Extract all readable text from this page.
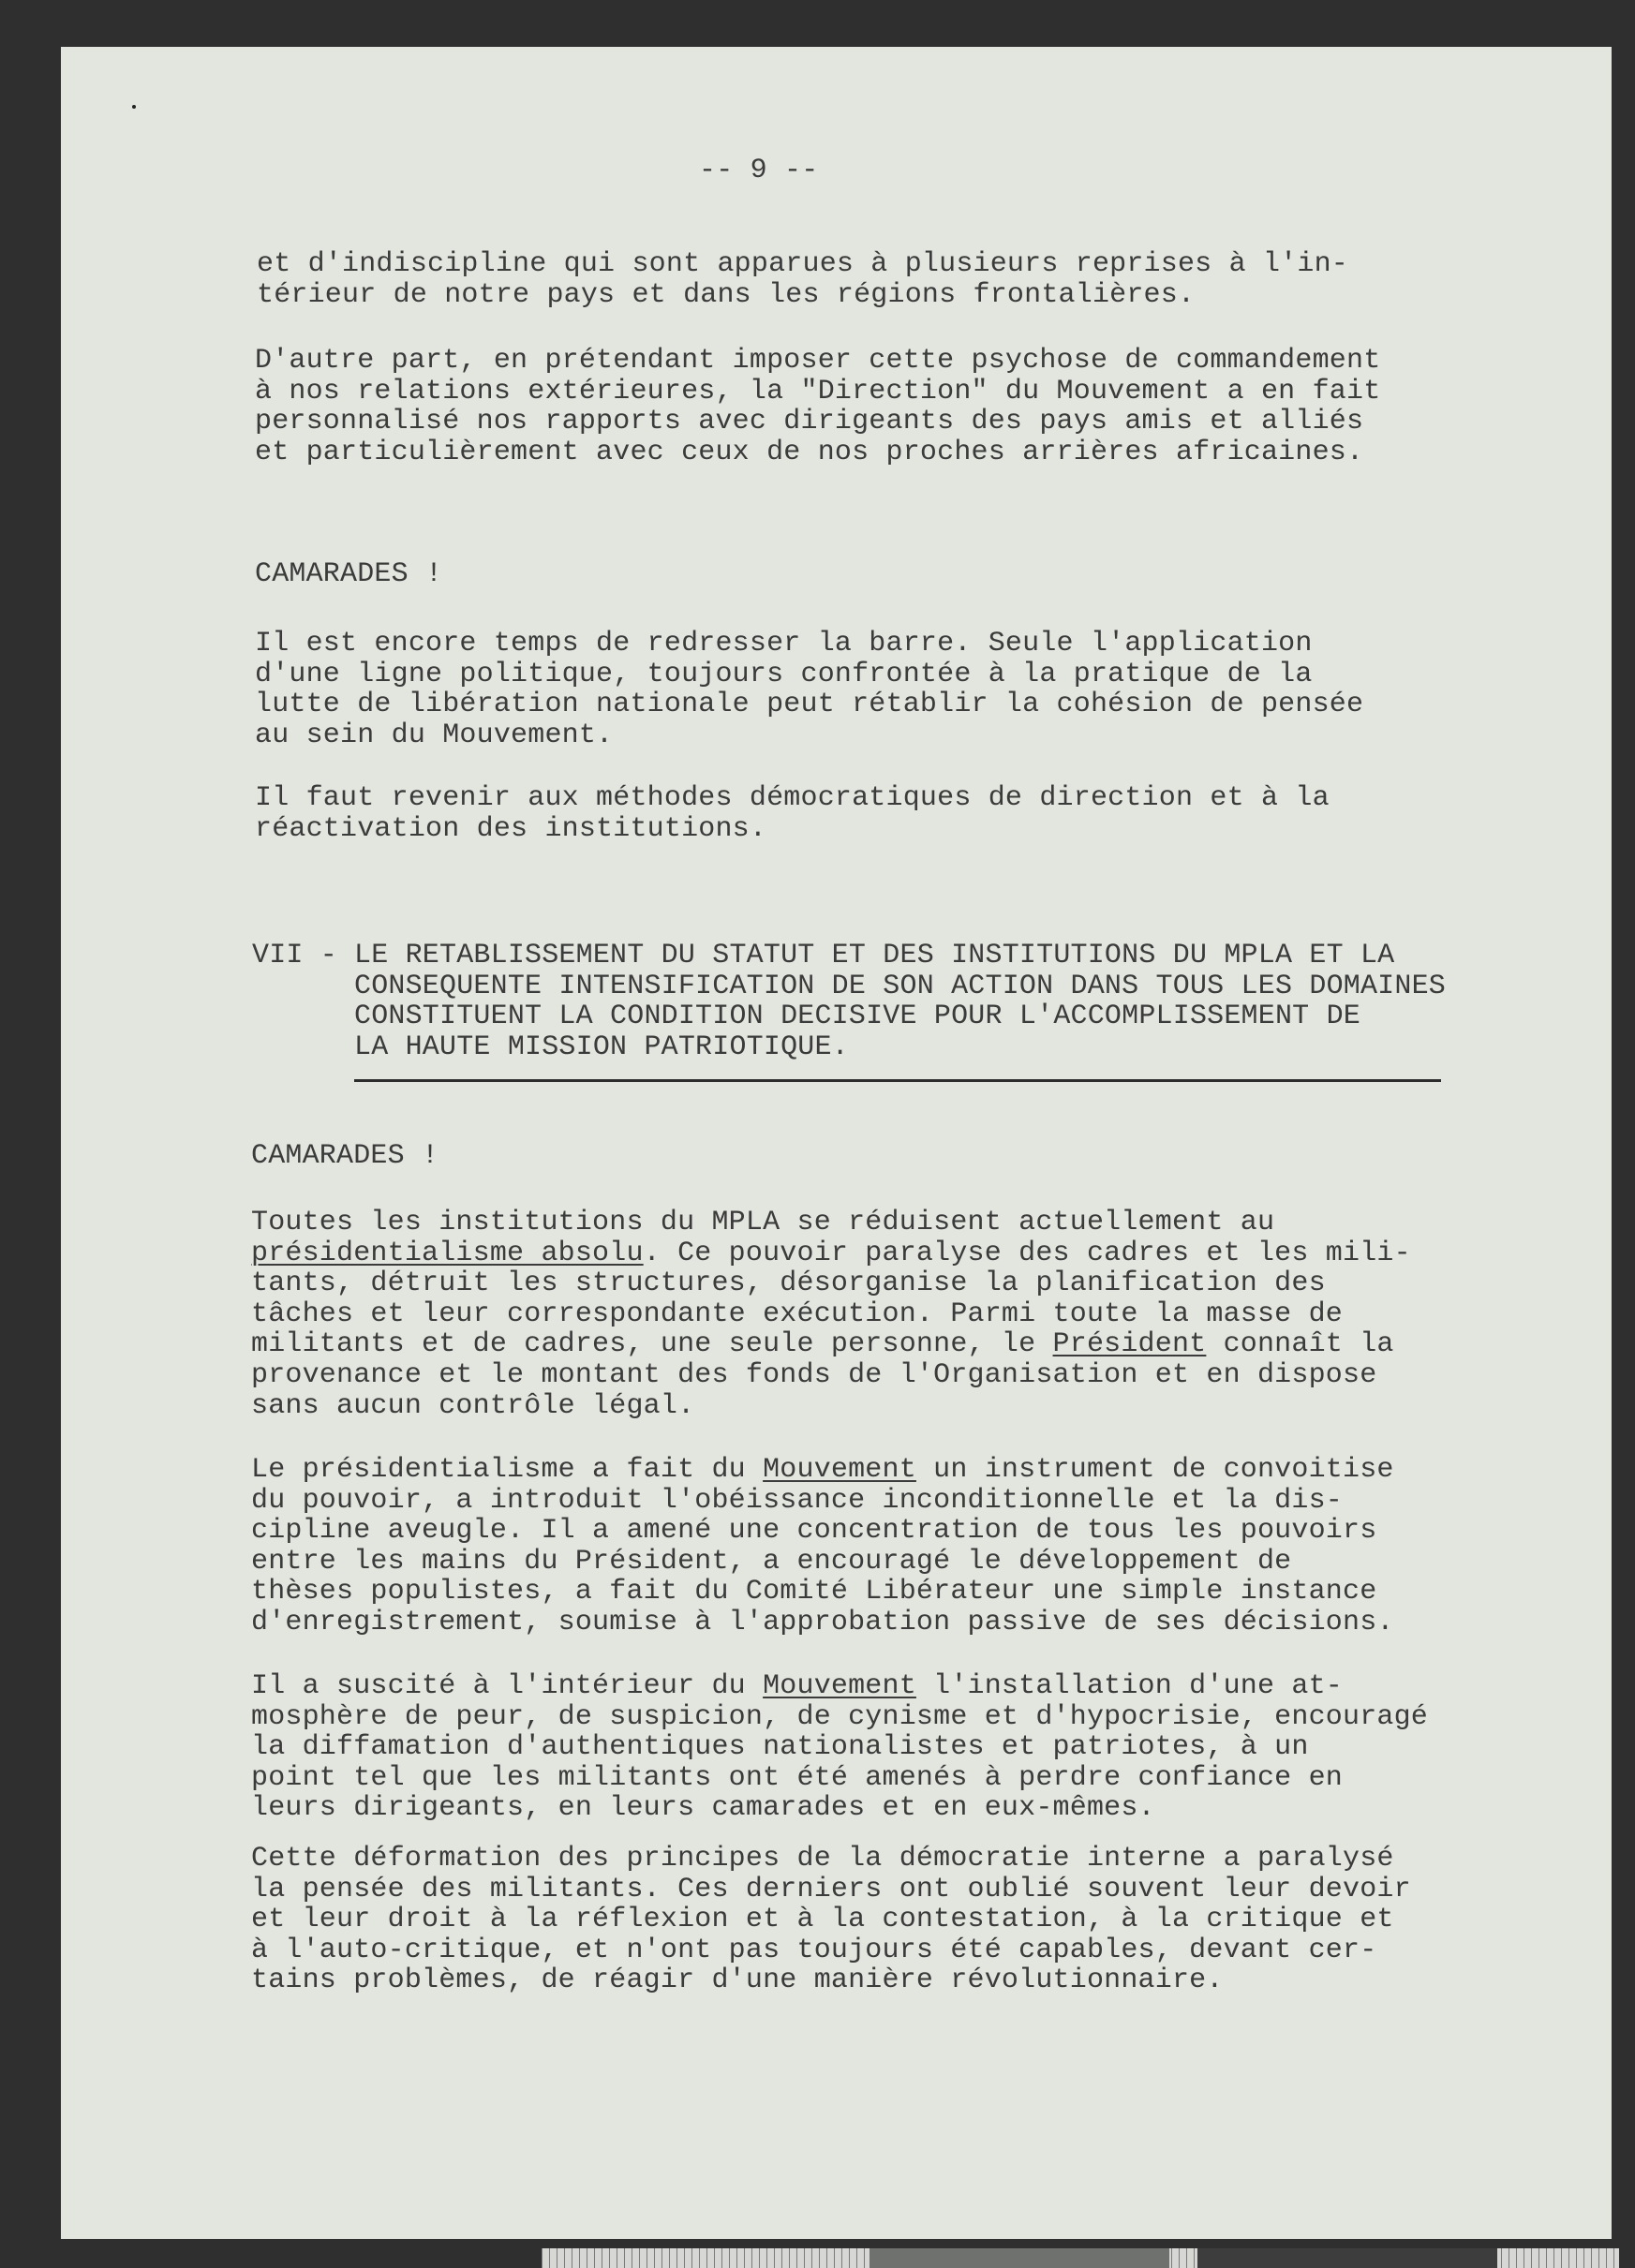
-- 9 --
et d'indiscipline qui sont apparues à plusieurs reprises à l'in-
térieur de notre pays et dans les régions frontalières.
D'autre part, en prétendant imposer cette psychose de commandement
à nos relations extérieures, la "Direction" du Mouvement a en fait
personnalisé nos rapports avec dirigeants des pays amis et alliés
et particulièrement avec ceux de nos proches arrières africaines.
CAMARADES !
Il est encore temps de redresser la barre. Seule l'application
d'une ligne politique, toujours confrontée à la pratique de la
lutte de libération nationale peut rétablir la cohésion de pensée
au sein du Mouvement.
Il faut revenir aux méthodes démocratiques de direction et à la
réactivation des institutions.
VII - LE RETABLISSEMENT DU STATUT ET DES INSTITUTIONS DU MPLA ET LA
CONSEQUENTE INTENSIFICATION DE SON ACTION DANS TOUS LES DOMAINES
CONSTITUENT LA CONDITION DECISIVE POUR L'ACCOMPLISSEMENT DE
LA HAUTE MISSION PATRIOTIQUE.
CAMARADES !
Toutes les institutions du MPLA se réduisent actuellement au
présidentialisme absolu. Ce pouvoir paralyse des cadres et les mili-
tants, détruit les structures, désorganise la planification des
tâches et leur correspondante exécution. Parmi toute la masse de
militants et de cadres, une seule personne, le Président connaît la
provenance et le montant des fonds de l'Organisation et en dispose
sans aucun contrôle légal.
Le présidentialisme a fait du Mouvement un instrument de convoitise
du pouvoir, a introduit l'obéissance inconditionnelle et la dis-
cipline aveugle. Il a amené une concentration de tous les pouvoirs
entre les mains du Président, a encouragé le développement de
thèses populistes, a fait du Comité Libérateur une simple instance
d'enregistrement, soumise à l'approbation passive de ses décisions.
Il a suscité à l'intérieur du Mouvement l'installation d'une at-
mosphère de peur, de suspicion, de cynisme et d'hypocrisie, encouragé
la diffamation d'authentiques nationalistes et patriotes, à un
point tel que les militants ont été amenés à perdre confiance en
leurs dirigeants, en leurs camarades et en eux-mêmes.
Cette déformation des principes de la démocratie interne a paralysé
la pensée des militants. Ces derniers ont oublié souvent leur devoir
et leur droit à la réflexion et à la contestation, à la critique et
à l'auto-critique, et n'ont pas toujours été capables, devant cer-
tains problèmes, de réagir d'une manière révolutionnaire.
